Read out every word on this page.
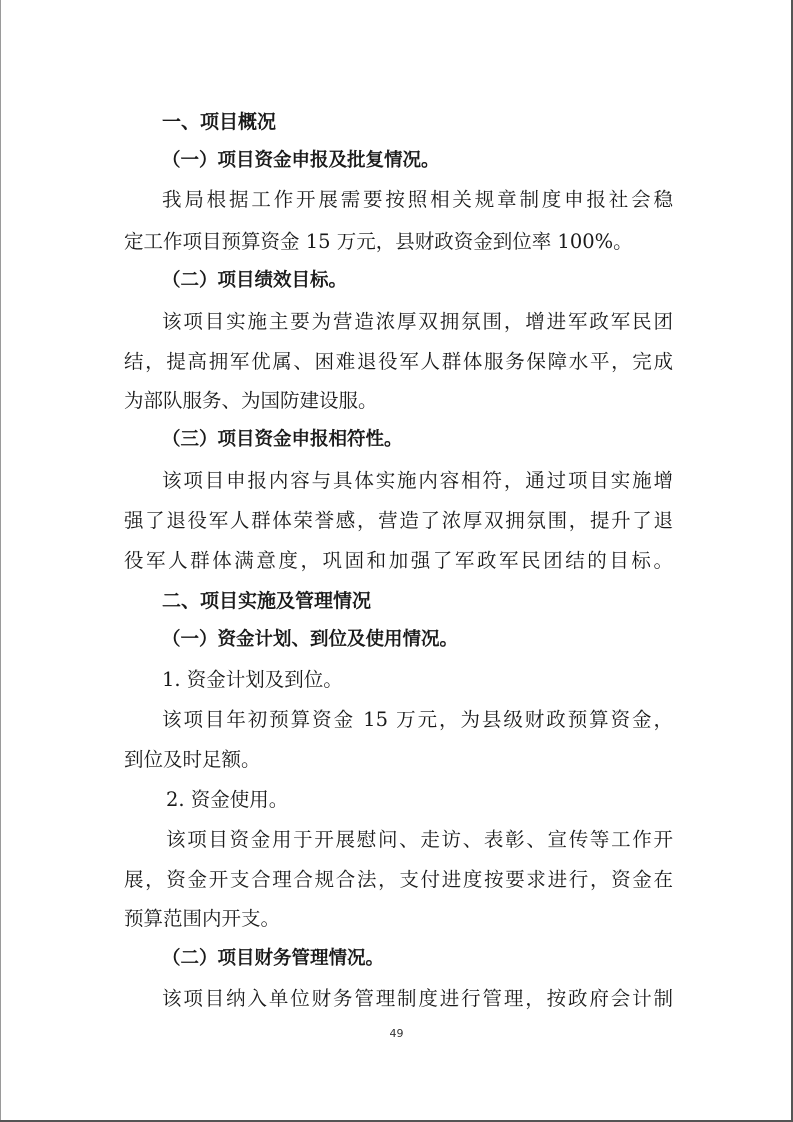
一、项目概况

（一）项目资金申报及批复情况。

我局根据工作开展需要按照相关规章制度申报社会稳

定工作项目预算资金 15 万元，县财政资金到位率 100%。

（二）项目绩效目标。

该项目实施主要为营造浓厚双拥氛围，增进军政军民团

结，提高拥军优属、困难退役军人群体服务保障水平，完成

为部队服务、为国防建设服。

（三）项目资金申报相符性。

该项目申报内容与具体实施内容相符，通过项目实施增

强了退役军人群体荣誉感，营造了浓厚双拥氛围，提升了退

役军人群体满意度，巩固和加强了军政军民团结的目标。

二、项目实施及管理情况

（一）资金计划、到位及使用情况。

1. 资金计划及到位。

该项目年初预算资金 15 万元，为县级财政预算资金，

到位及时足额。

2. 资金使用。

该项目资金用于开展慰问、走访、表彰、宣传等工作开

展，资金开支合理合规合法，支付进度按要求进行，资金在

预算范围内开支。

（二）项目财务管理情况。

该项目纳入单位财务管理制度进行管理，按政府会计制

49
